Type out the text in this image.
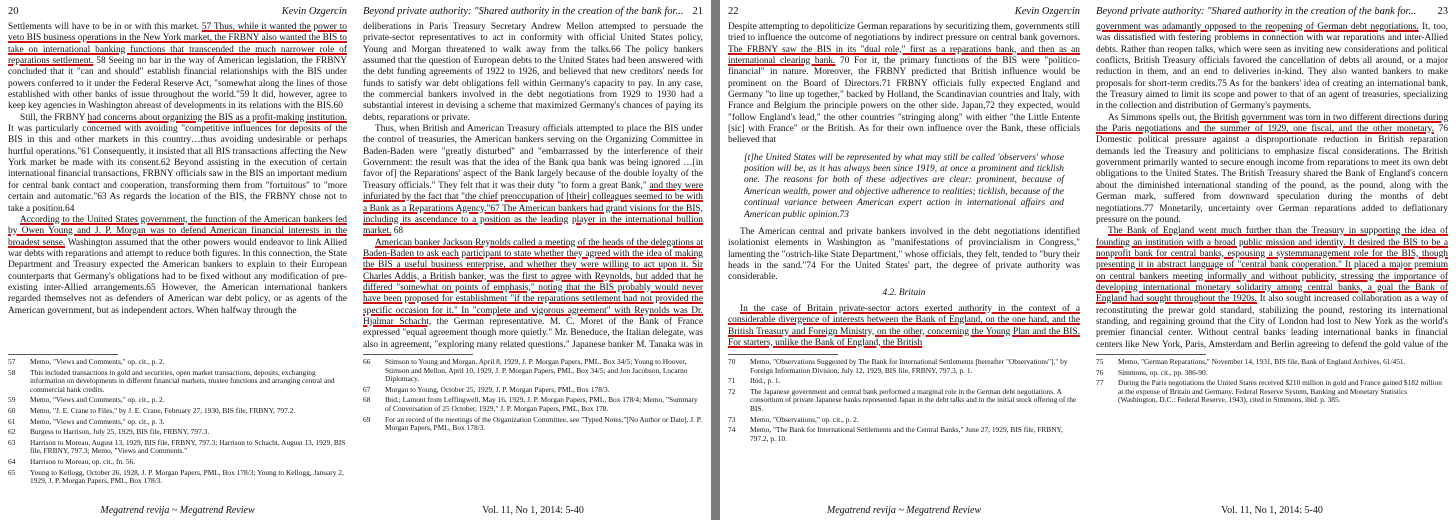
20	Kevin Ozgercin

Settlements will have to be in or with this market. 57 Thus, while it wanted the power to veto BIS business operations in the New York market, the FRBNY also wanted the BIS to take on international banking functions that transcended the much narrower role of reparations settlement. 58 Seeing no bar in the way of American legislation, the FRBNY concluded that it "can and should" establish financial relationships with the BIS under powers conferred to it under the Federal Reserve Act, "somewhat along the lines of those established with other banks of issue throughout the world."59 It did, however, agree to keep key agencies in Washington abreast of developments in its relations with the BIS.60

Still, the FRBNY had concerns about organizing the BIS as a profit-making institution. It was particularly concerned with avoiding "competitive influences for deposits of the BIS in this and other markets in this country…thus avoiding undesirable or perhaps hurtful operations."61 Consequently, it insisted that all BIS transactions affecting the New York market be made with its consent.62 Beyond assisting in the execution of certain international financial transactions, FRBNY officials saw in the BIS an important medium for central bank contact and cooperation, transforming them from "fortuitous" to "more certain and automatic."63 As regards the location of the BIS, the FRBNY chose not to take a position.64

According to the United States government, the function of the American bankers led by Owen Young and J. P. Morgan was to defend American financial interests in the broadest sense. Washington assumed that the other powers would endeavor to link Allied war debts with reparations and attempt to reduce both figures. In this connection, the State Department and Treasury expected the American bankers to explain to their European counterparts that Germany's obligations had to be fixed without any modification of pre-existing inter-Allied arrangements.65 However, the American international bankers regarded themselves not as defenders of American war debt policy, or as agents of the American government, but as independent actors. When halfway through the

57	Memo, "Views and Comments," op. cit., p. 2.
58	This included transactions in gold and securities, open market transactions, deposits, exchanging information on developments in different financial markets, trustee functions and arranging central and commercial bank credits.
59	Memo, "Views and Comments," op. cit., p. 2.
60	Memo, "J. E. Crane to Files," by J. E. Crane, February 27, 1930, BIS file, FRBNY, 797.2.
61	Memo, "Views and Comments," op. cit., p. 3.
62	Burgess to Harrison, July 25, 1929, BIS file, FRBNY, 797.3.
63	Harrison to Moreau, August 13, 1929, BIS file, FRBNY, 797.3; Harrison to Schacht, August 13, 1929, BIS file, FRBNY, 797.3; Memo, "Views and Comments."
64	Harrison to Moreau, op. cit., fn. 56.
65	Young to Kellogg, October 26, 1928, J. P. Morgan Papers, PML, Box 178/3; Young to Kellogg, January 2, 1929, J. P. Morgan Papers, PML, Box 178/3.
Megatrend revija ~ Megatrend Review
Beyond private authority: "Shared authority in the creation of the bank for... 21

deliberations in Paris Treasury Secretary Andrew Mellon attempted to persuade the private-sector representatives to act in conformity with official United States policy, Young and Morgan threatened to walk away from the talks.66 The policy bankers assumed that the question of European debts to the United States had been answered with the debt funding agreements of 1922 to 1926, and believed that new creditors' needs for funds to satisfy war debt obligations fell within Germany's capacity to pay. In any case, the commercial bankers involved in the debt negotiations from 1929 to 1930 had a substantial interest in devising a scheme that maximized Germany's chances of paying its debts, reparations or private.

Thus, when British and American Treasury officials attempted to place the BIS under the control of treasuries, the American bankers serving on the Organizing Committee in Baden-Baden were "greatly disturbed" and "embarrassed by the interference of their Government: the result was that the idea of the Bank qua bank was being ignored …[in favor of] the Reparations' aspect of the Bank largely because of the double loyalty of the Treasury officials." They felt that it was their duty "to form a great Bank," and they were infuriated by the fact that "the chief preoccupation of [their] colleagues seemed to be with a Bank as a Reparations Agency."67 The American bankers had grand visions for the BIS, including its ascendance to a position as the leading player in the international bullion market. 68

American banker Jackson Reynolds called a meeting of the heads of the delegations at Baden-Baden to ask each participant to state whether they agreed with the idea of making the BIS a useful business enterprise, and whether they were willing to act upon it. Sir Charles Addis, a British banker, was the first to agree with Reynolds, but added that he differed "somewhat on points of emphasis," noting that the BIS probably would never have been proposed for establishment "if the reparations settlement had not provided the specific occasion for it." In "complete and vigorous agreement" with Reynolds was Dr. Hjalmar Schacht, the German representative. M. C. Moret of the Bank of France expressed "equal agreement though more quietly." Mr. Beneduce, the Italian delegate, was also in agreement, "exploring many related questions." Japanese banker M. Tanaka was in

66	Stimson to Young and Morgan, April 8, 1929, J. P. Morgan Papers, PML, Box 34/5; Young to Hoover, Stimson and Mellon, April 10, 1929, J. P. Morgan Papers, PML, Box 34/5; and Jon Jacobson, Locarno Diplomacy.
67	Morgan to Young, October 25, 1929, J. P. Morgan Papers, PML, Box 178/3.
68	Ibid.; Lamont from Leffingwell, May 16, 1929, J. P. Morgan Papers, PML, Box 178/4; Memo, "Summary of Conversation of 25 October, 1929," J. P. Morgan Papers, PML, Box 178.
69	For an record of the meetings of the Organization Committee, see "Typed Notes,"[No Author or Date], J. P. Morgan Papers, PML, Box 178/3.
Vol. 11, No 1, 2014: 5-40
22	Kevin Ozgercin

Despite attempting to depoliticize German reparations by securitizing them, governments still tried to influence the outcome of negotiations by indirect pressure on central bank governors. The FRBNY saw the BIS in its "dual role," first as a reparations bank, and then as an international clearing bank. 70 For it, the primary functions of the BIS were "politico-financial" in nature. Moreover, the FRBNY predicted that British influence would be prominent on the Board of Directors.71 FRBNY officials fully expected England and Germany "to line up together," backed by Holland, the Scandinavian countries and Italy, with France and Belgium the principle powers on the other side. Japan,72 they expected, would "follow England's lead," the other countries "stringing along" with either "the Little Entente [sic] with France" or the British. As for their own influence over the Bank, these officials believed that

[t]he United States will be represented by what may still be called 'observers' whose position will be, as it has always been since 1919, at once a prominent and ticklish one. The reasons for both of these adjectives are clear: prominent, because of American wealth, power and objective adherence to realities; ticklish, because of the continual variance between American expert action in international affairs and American public opinion.73

The American central and private bankers involved in the debt negotiations identified isolationist elements in Washington as "manifestations of provincialism in Congress," lamenting the "ostrich-like State Department," whose officials, they felt, tended to "bury their heads in the sand."74 For the United States' part, the degree of private authority was considerable.

4.2. Britain

In the case of Britain private-sector actors exerted authority in the context of a considerable divergence of interests between the Bank of England, on the one hand, and the British Treasury and Foreign Ministry, on the other, concerning the Young Plan and the BIS. For starters, unlike the Bank of England, the British

70	Memo, "Observations Suggested by The Bank for International Settlements [hereafter "Observations"]," by Foreign Information Division, July 12, 1929, BIS file, FRBNY, 797.3, p. 1.
71	Ibid., p. 1.
72	The Japanese government and central bank performed a marginal role in the German debt negotiations. A consortium of private Japanese banks represented Japan in the debt talks and in the initial stock offering of the BIS.
73	Memo, "Observations," op. cit., p. 2.
74	Memo, "The Bank for International Settlements and the Central Banks," June 27, 1929, BIS file, FRBNY, 797.2, p. 10.
Megatrend revija ~ Megatrend Review
Beyond private authority: "Shared authority in the creation of the bank for... 23

government was adamantly opposed to the reopening of German debt negotiations. It, too, was dissatisfied with festering problems in connection with war reparations and inter-Allied debts. Rather than reopen talks, which were seen as inviting new considerations and political conflicts, British Treasury officials favored the cancellation of debts all around, or a major reduction in them, and an end to deliveries in-kind. They also wanted bankers to make proposals for short-term credits.75 As for the bankers' idea of creating an international bank, the Treasury aimed to limit its scope and power to that of an agent of treasuries, specializing in the collection and distribution of Germany's payments.

As Simmons spells out, the British government was torn in two different directions during the Paris negotiations and the summer of 1929, one fiscal, and the other monetary. 76 Domestic political pressure against a disproportionate reduction in British reparation demands led the Treasury and politicians to emphasize fiscal considerations. The British government primarily wanted to secure enough income from reparations to meet its own debt obligations to the United States. The British Treasury shared the Bank of England's concern about the diminished international standing of the pound, as the pound, along with the German mark, suffered from downward speculation during the months of debt negotiations.77 Monetarily, uncertainty over German reparations added to deflationary pressure on the pound.

The Bank of England went much further than the Treasury in supporting the idea of founding an institution with a broad public mission and identity. It desired the BIS to be a nonprofit bank for central banks, espousing a systemmanagement role for the BIS, though presenting it in abstract language of "central bank cooperation." It placed a major premium on central bankers meeting informally and without publicity, stressing the importance of developing international monetary solidarity among central banks, a goal the Bank of England had sought throughout the 1920s. It also sought increased collaboration as a way of reconstituting the prewar gold standard, stabilizing the pound, restoring its international standing, and regaining ground that the City of London had lost to New York as the world's premier financial center. Without central banks leading international banks in financial centers like New York, Paris, Amsterdam and Berlin agreeing to defend the gold value of the

75	Memo, "German Reparations," November 14, 1931, BIS file, Bank of England Archives, 61/451.
76	Simmons, op. cit., pp. 386-90.
77	During the Paris negotiations the United States received $210 million in gold and France gained $182 million at the expense of Britain and Germany. Federal Reserve System, Banking and Monetary Statistics (Washington, D.C.: Federal Reserve, 1943), cited in Simmons, ibid. p. 385.
Vol. 11, No 1, 2014: 5-40
